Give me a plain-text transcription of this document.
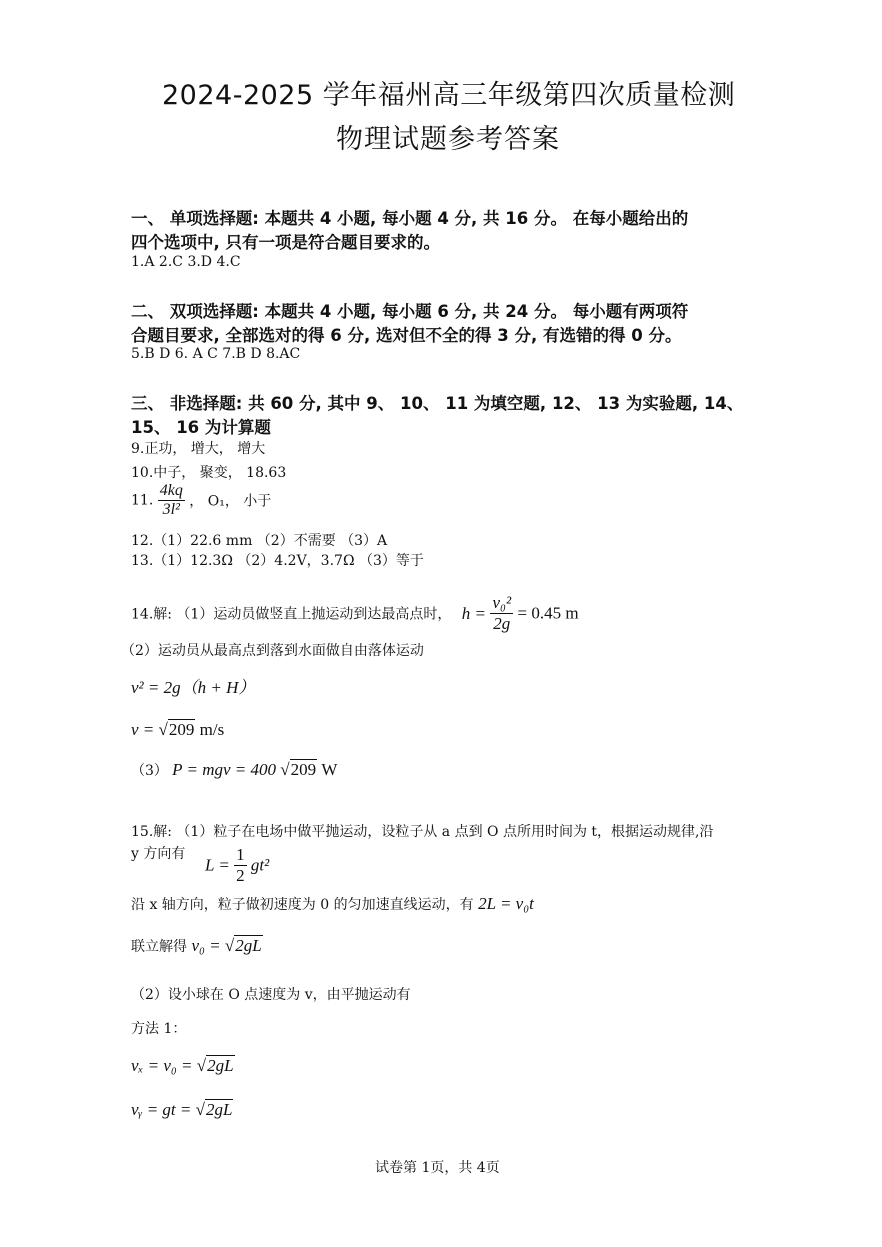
2024-2025 学年福州高三年级第四次质量检测
物理试题参考答案
一、 单项选择题: 本题共 4 小题, 每小题 4 分, 共 16 分。 在每小题给出的
四个选项中, 只有一项是符合题目要求的。
1.A 2.C 3.D 4.C
二、 双项选择题: 本题共 4 小题, 每小题 6 分, 共 24 分。 每小题有两项符
合题目要求, 全部选对的得 6 分, 选对但不全的得 3 分, 有选错的得 0 分。
5.B D 6. A C 7.B D 8.AC
三、 非选择题: 共 60 分, 其中 9、 10、 11 为填空题, 12、 13 为实验题, 14、
15、 16 为计算题
9.正功， 增大， 增大
10.中子， 聚变， 18.63
11. $\frac{4kq}{\text{3l²}}$ ， O₁， 小于
12.（1）22.6 mm （2）不需要 （3）A
13.（1）12.3Ω （2）4.2V，3.7Ω （3）等于
14.解: （1）运动员做竖直上抛运动到达最高点时， $h = \frac{\text{v₀²}}{2g} = 0.45$ m
（2）运动员从最高点到落到水面做自由落体运动
v² = 2g（h + H）
v = √209 m/s
（3） P = mgv = 400 √209 W
15.解: （1）粒子在电场中做平抛运动，设粒子从 a 点到 O 点所用时间为 t，根据运动规律,沿
y 方向有
$L = \frac{1}{2} gt^2$
沿 x 轴方向，粒子做初速度为 0 的匀加速直线运动，有 2L = v₀t
联立解得 v₀ = √2gL
（2）设小球在 O 点速度为 v，由平抛运动有
方法 1：
vₓ = v₀ = √2gL
vᵧ = gt = √2gL
试卷第 1页，共 4页
